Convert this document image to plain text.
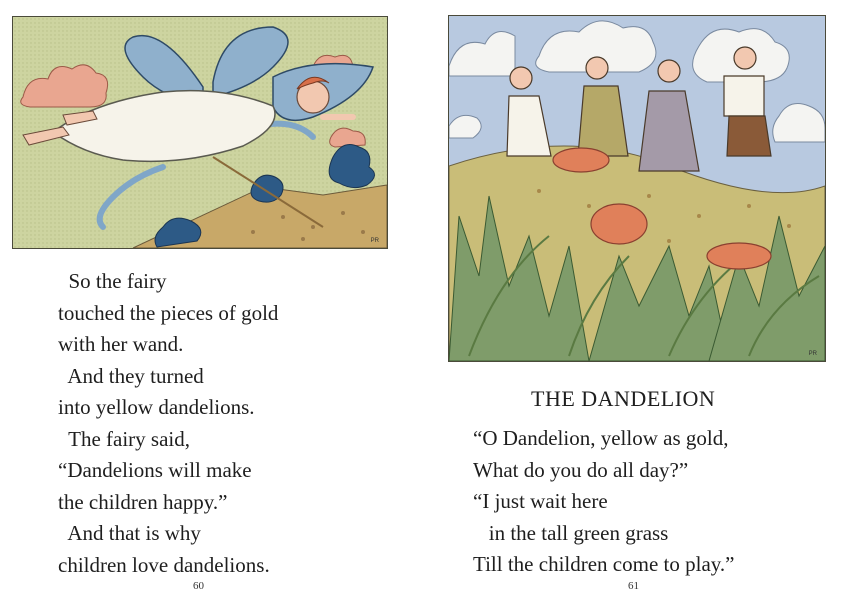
PR
So the fairy
touched the pieces of gold
with her wand.
And they turned
into yellow dandelions.
The fairy said,
“Dandelions will make
the children happy.”
And that is why
children love dandelions.
60
PR
THE DANDELION
“O Dandelion, yellow as gold,
What do you do all day?”
“I just wait here
in the tall green grass
Till the children come to play.”
61
